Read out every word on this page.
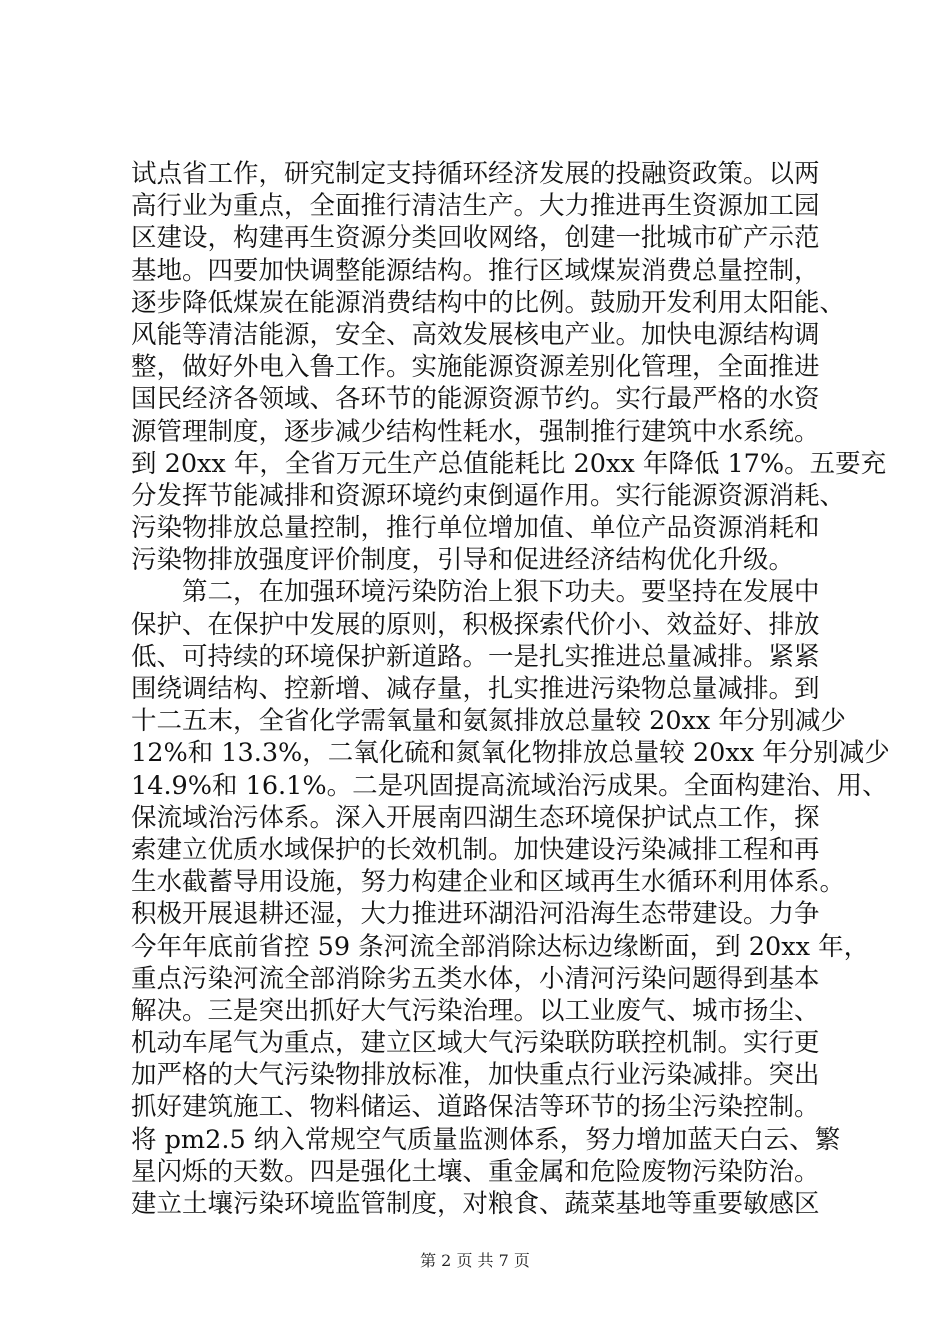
试点省工作，研究制定支持循环经济发展的投融资政策。以两
高行业为重点，全面推行清洁生产。大力推进再生资源加工园
区建设，构建再生资源分类回收网络，创建一批城市矿产示范
基地。四要加快调整能源结构。推行区域煤炭消费总量控制，
逐步降低煤炭在能源消费结构中的比例。鼓励开发利用太阳能、
风能等清洁能源，安全、高效发展核电产业。加快电源结构调
整，做好外电入鲁工作。实施能源资源差别化管理，全面推进
国民经济各领域、各环节的能源资源节约。实行最严格的水资
源管理制度，逐步减少结构性耗水，强制推行建筑中水系统。
到 20xx 年，全省万元生产总值能耗比 20xx 年降低 17%。五要充
分发挥节能减排和资源环境约束倒逼作用。实行能源资源消耗、
污染物排放总量控制，推行单位增加值、单位产品资源消耗和
污染物排放强度评价制度，引导和促进经济结构优化升级。
第二，在加强环境污染防治上狠下功夫。要坚持在发展中
保护、在保护中发展的原则，积极探索代价小、效益好、排放
低、可持续的环境保护新道路。一是扎实推进总量减排。紧紧
围绕调结构、控新增、减存量，扎实推进污染物总量减排。到
十二五末，全省化学需氧量和氨氮排放总量较 20xx 年分别减少
12%和 13.3%，二氧化硫和氮氧化物排放总量较 20xx 年分别减少
14.9%和 16.1%。二是巩固提高流域治污成果。全面构建治、用、
保流域治污体系。深入开展南四湖生态环境保护试点工作，探
索建立优质水域保护的长效机制。加快建设污染减排工程和再
生水截蓄导用设施，努力构建企业和区域再生水循环利用体系。
积极开展退耕还湿，大力推进环湖沿河沿海生态带建设。力争
今年年底前省控 59 条河流全部消除达标边缘断面，到 20xx 年，
重点污染河流全部消除劣五类水体，小清河污染问题得到基本
解决。三是突出抓好大气污染治理。以工业废气、城市扬尘、
机动车尾气为重点，建立区域大气污染联防联控机制。实行更
加严格的大气污染物排放标准，加快重点行业污染减排。突出
抓好建筑施工、物料储运、道路保洁等环节的扬尘污染控制。
将 pm2.5 纳入常规空气质量监测体系，努力增加蓝天白云、繁
星闪烁的天数。四是强化土壤、重金属和危险废物污染防治。
建立土壤污染环境监管制度，对粮食、蔬菜基地等重要敏感区
第 2 页 共 7 页
